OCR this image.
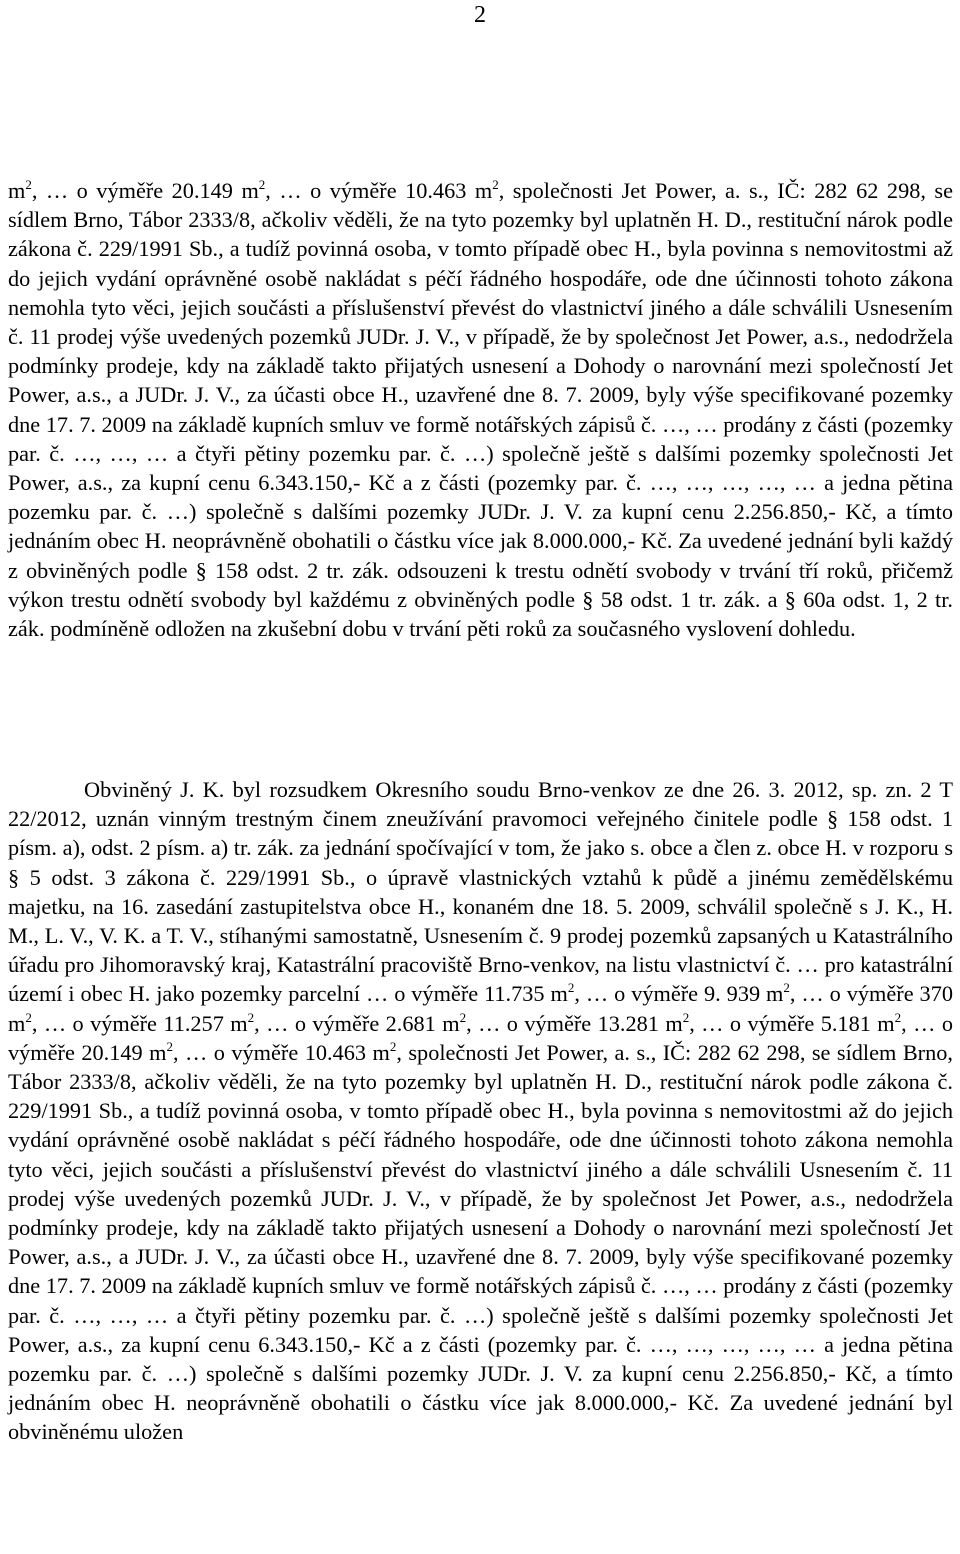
2

$m^2$, … o výměře 20.149 $m^2$, … o výměře 10.463 $m^2$, společnosti Jet Power, a. s., IČ: 282 62 298, se sídlem Brno, Tábor 2333/8, ačkoliv věděli, že na tyto pozemky byl uplatněn H. D., restituční nárok podle zákona č. 229/1991 Sb., a tudíž povinná osoba, v tomto případě obec H., byla povinna s nemovitostmi až do jejich vydání oprávněné osobě nakládat s péčí řádného hospodáře, ode dne účinnosti tohoto zákona nemohla tyto věci, jejich součásti a příslušenství převést do vlastnictví jiného a dále schválili Usnesením č. 11 prodej výše uvedených pozemků JUDr. J. V., v případě, že by společnost Jet Power, a.s., nedodržela podmínky prodeje, kdy na základě takto přijatých usnesení a Dohody o narovnání mezi společností Jet Power, a.s., a JUDr. J. V., za účasti obce H., uzavřené dne 8. 7. 2009, byly výše specifikované pozemky dne 17. 7. 2009 na základě kupních smluv ve formě notářských zápisů č. …, … prodány z části (pozemky par. č. …, …, … a čtyři pětiny pozemku par. č. …) společně ještě s dalšími pozemky společnosti Jet Power, a.s., za kupní cenu 6.343.150,- Kč a z části (pozemky par. č. …, …, …, …, … a jedna pětina pozemku par. č. …) společně s dalšími pozemky JUDr. J. V. za kupní cenu 2.256.850,- Kč, a tímto jednáním obec H. neoprávněně obohatili o částku více jak 8.000.000,- Kč. Za uvedené jednání byli každý z obviněných podle § 158 odst. 2 tr. zák. odsouzeni k trestu odnětí svobody v trvání tří roků, přičemž výkon trestu odnětí svobody byl každému z obviněných podle § 58 odst. 1 tr. zák. a § 60a odst. 1, 2 tr. zák. podmíněně odložen na zkušební dobu v trvání pěti roků za současného vyslovení dohledu.

Obviněný J. K. byl rozsudkem Okresního soudu Brno-venkov ze dne 26. 3. 2012, sp. zn. 2 T 22/2012, uznán vinným trestným činem zneužívání pravomoci veřejného činitele podle § 158 odst. 1 písm. a), odst. 2 písm. a) tr. zák. za jednání spočívající v tom, že jako s. obce a člen z. obce H. v rozporu s § 5 odst. 3 zákona č. 229/1991 Sb., o úpravě vlastnických vztahů k půdě a jinému zemědělskému majetku, na 16. zasedání zastupitelstva obce H., konaném dne 18. 5. 2009, schválil společně s J. K., H. M., L. V., V. K. a T. V., stíhanými samostatně, Usnesením č. 9 prodej pozemků zapsaných u Katastrálního úřadu pro Jihomoravský kraj, Katastrální pracoviště Brno-venkov, na listu vlastnictví č. … pro katastrální území i obec H. jako pozemky parcelní … o výměře 11.735 $m^2$, … o výměře 9. 939 $m^2$, … o výměře 370 $m^2$, … o výměře 11.257 $m^2$, … o výměře 2.681 $m^2$, … o výměře 13.281 $m^2$, … o výměře 5.181 $m^2$, … o výměře 20.149 $m^2$, … o výměře 10.463 $m^2$, společnosti Jet Power, a. s., IČ: 282 62 298, se sídlem Brno, Tábor 2333/8, ačkoliv věděli, že na tyto pozemky byl uplatněn H. D., restituční nárok podle zákona č. 229/1991 Sb., a tudíž povinná osoba, v tomto případě obec H., byla povinna s nemovitostmi až do jejich vydání oprávněné osobě nakládat s péčí řádného hospodáře, ode dne účinnosti tohoto zákona nemohla tyto věci, jejich součásti a příslušenství převést do vlastnictví jiného a dále schválili Usnesením č. 11 prodej výše uvedených pozemků JUDr. J. V., v případě, že by společnost Jet Power, a.s., nedodržela podmínky prodeje, kdy na základě takto přijatých usnesení a Dohody o narovnání mezi společností Jet Power, a.s., a JUDr. J. V., za účasti obce H., uzavřené dne 8. 7. 2009, byly výše specifikované pozemky dne 17. 7. 2009 na základě kupních smluv ve formě notářských zápisů č. …, … prodány z části (pozemky par. č. …, …, … a čtyři pětiny pozemku par. č. …) společně ještě s dalšími pozemky společnosti Jet Power, a.s., za kupní cenu 6.343.150,- Kč a z části (pozemky par. č. …, …, …, …, … a jedna pětina pozemku par. č. …) společně s dalšími pozemky JUDr. J. V. za kupní cenu 2.256.850,- Kč, a tímto jednáním obec H. neoprávněně obohatili o částku více jak 8.000.000,- Kč. Za uvedené jednání byl obviněnému uložen
